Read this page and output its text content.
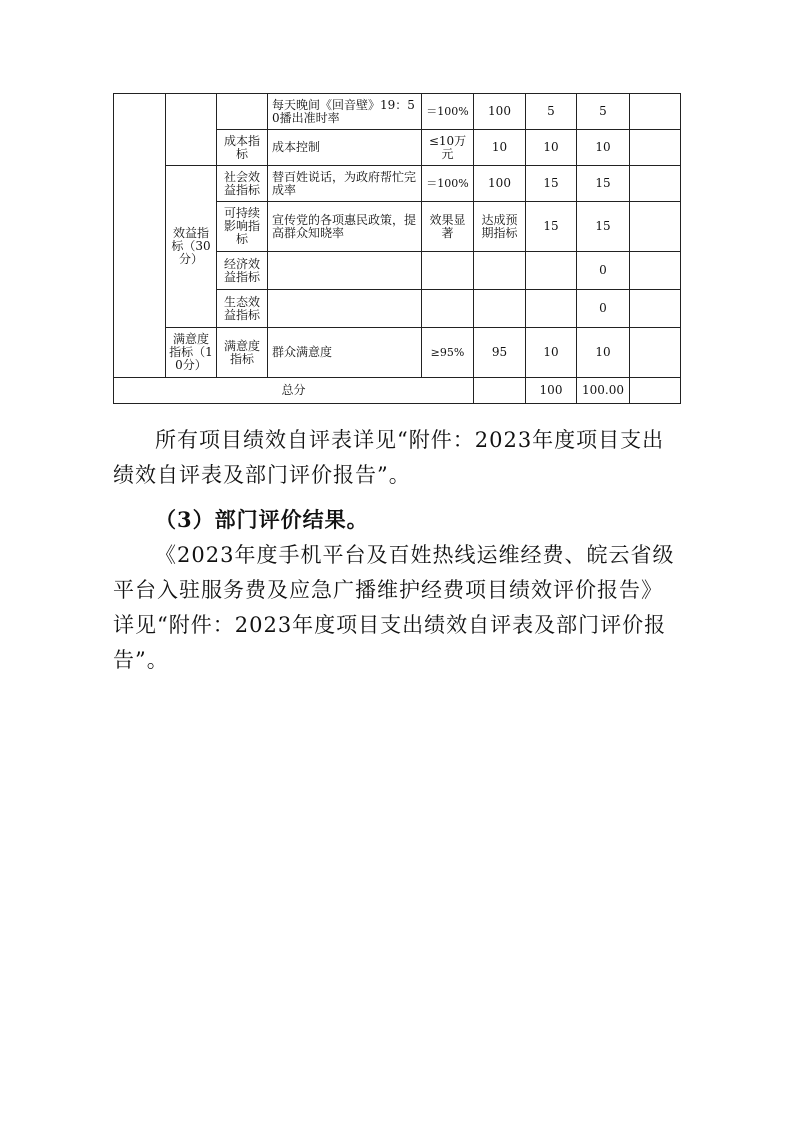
			每天晚间《回音壁》19：50播出准时率	＝100%	100	5	5	
		成本指标	成本控制	≤10万元	10	10	10	
	效益指标（30分）	社会效益指标	替百姓说话，为政府帮忙完成率	＝100%	100	15	15	
		可持续影响指标	宣传党的各项惠民政策，提高群众知晓率	效果显著	达成预期指标	15	15	
		经济效益指标					0	
		生态效益指标					0	
	满意度指标（10分）	满意度指标	群众满意度	≥95%	95	10	10	
总分						100	100.00	

所有项目绩效自评表详见“附件：2023年度项目支出绩效自评表及部门评价报告”。

（3）部门评价结果。

《2023年度手机平台及百姓热线运维经费、皖云省级平台入驻服务费及应急广播维护经费项目绩效评价报告》详见“附件：2023年度项目支出绩效自评表及部门评价报告”。
